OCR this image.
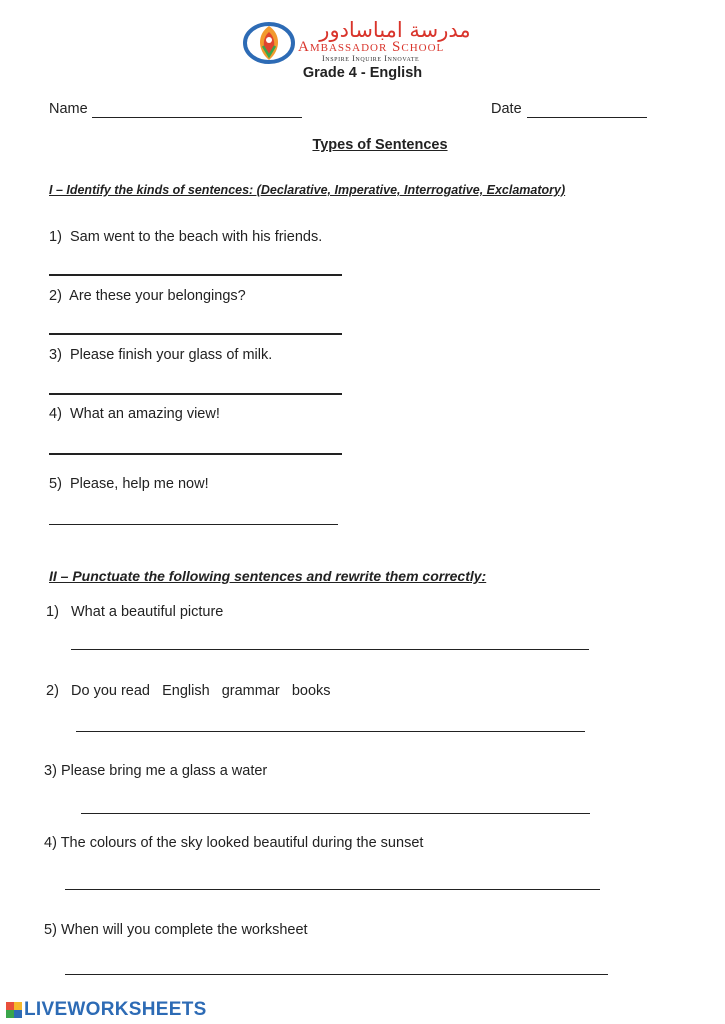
مدرسة امباسادور
Ambassador School
Inspire Inquire Innovate
Grade 4 - English
Name	Date
Types of Sentences
I – Identify the kinds of sentences: (Declarative, Imperative, Interrogative, Exclamatory)
1) Sam went to the beach with his friends.
2) Are these your belongings?
3) Please finish your glass of milk.
4) What an amazing view!
5) Please, help me now!
II – Punctuate the following sentences and rewrite them correctly:
1) What a beautiful picture
2) Do you read   English   grammar   books
3) Please bring me a glass a water
4) The colours of the sky looked beautiful during the sunset
5) When will you complete the worksheet
LIVEWORKSHEETS
